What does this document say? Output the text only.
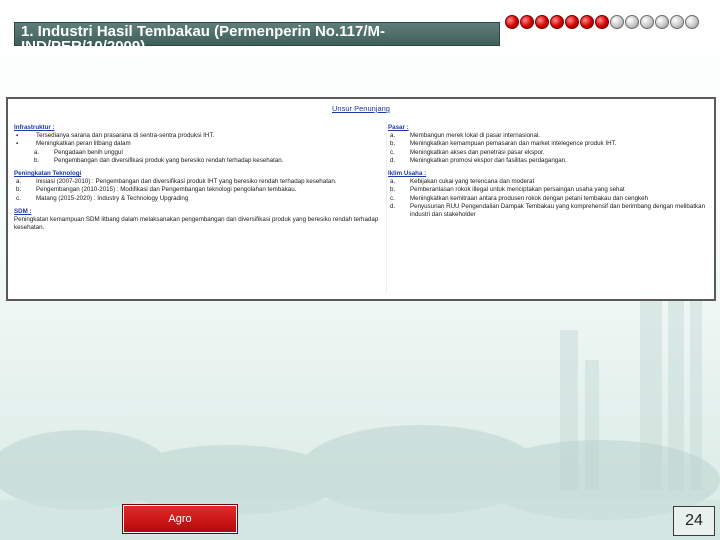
1. Industri Hasil Tembakau (Permenperin No.117/M-IND/PER/10/2009)
Unsur Penunjang
Infrastruktur :
▪	Tersedianya sarana dan prasarana di sentra-sentra produksi IHT.
▪	Meningkatkan peran litbang dalam
a.	Pengadaan benih unggul
b.	Pengembangan dan diversifikasi produk yang beresiko rendah terhadap kesehatan.
Peningkatan Teknologi
a.	Inisiasi (2007-2010) : Pengembangan dan diversifikasi produk IHT yang beresiko rendah terhadap kesehatan.
b.	Pengembangan (2010-2015) : Modifikasi dan Pengembangan teknologi pengolahan tembakau.
c.	Matang (2015-2020) : Industry & Technology Upgrading
SDM :
Peningkatan kemampuan SDM litbang dalam melaksanakan pengembangan dan diversifikasi produk yang beresiko rendah terhadap kesehatan.
Pasar :
a.	Membangun merek lokal di pasar internasional.
b.	Meningkatkan kemampuan pemasaran dan market intelegence produk IHT.
c.	Meningkatkan akses dan penetrasi pasar ekspor.
d.	Meningkatkan promosi ekspor dan fasilitas perdagangan.
Iklim Usaha :
a.	Kebijakan cukai yang terencana dan moderat
b.	Pemberantasan rokok illegal untuk menciptakan persaingan usaha yang sehat
c.	Meningkatkan kemitraan antara produsen rokok dengan petani tembakau dan cengkeh
d.	Penyusunan RUU Pengendalian Dampak Tembakau yang komprehensif dan berimbang dengan melibatkan industri dan stakeholder
Agro	24
